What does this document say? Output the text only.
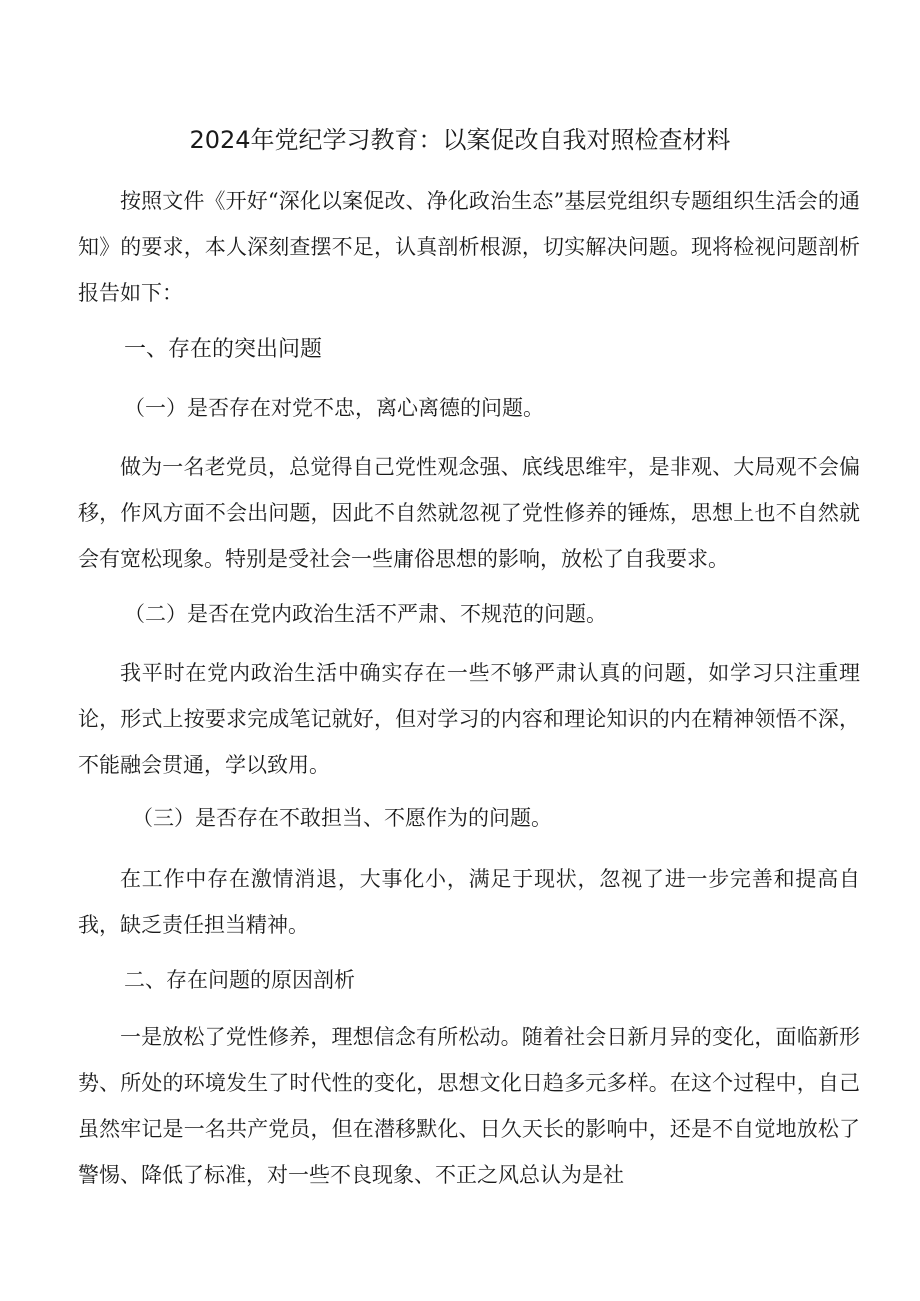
2024年党纪学习教育：以案促改自我对照检查材料

按照文件《开好“深化以案促改、净化政治生态”基层党组织专题组织生活会的通知》的要求，本人深刻查摆不足，认真剖析根源，切实解决问题。现将检视问题剖析报告如下：

一、存在的突出问题
（一）是否存在对党不忠，离心离德的问题。

做为一名老党员，总觉得自己党性观念强、底线思维牢，是非观、大局观不会偏移，作风方面不会出问题，因此不自然就忽视了党性修养的锤炼，思想上也不自然就会有宽松现象。特别是受社会一些庸俗思想的影响，放松了自我要求。

（二）是否在党内政治生活不严肃、不规范的问题。

我平时在党内政治生活中确实存在一些不够严肃认真的问题，如学习只注重理论，形式上按要求完成笔记就好，但对学习的内容和理论知识的内在精神领悟不深，不能融会贯通，学以致用。

（三）是否存在不敢担当、不愿作为的问题。

在工作中存在激情消退，大事化小，满足于现状，忽视了进一步完善和提高自我，缺乏责任担当精神。

二、存在问题的原因剖析

一是放松了党性修养，理想信念有所松动。随着社会日新月异的变化，面临新形势、所处的环境发生了时代性的变化，思想文化日趋多元多样。在这个过程中，自己虽然牢记是一名共产党员，但在潜移默化、日久天长的影响中，还是不自觉地放松了警惕、降低了标准，对一些不良现象、不正之风总认为是社
